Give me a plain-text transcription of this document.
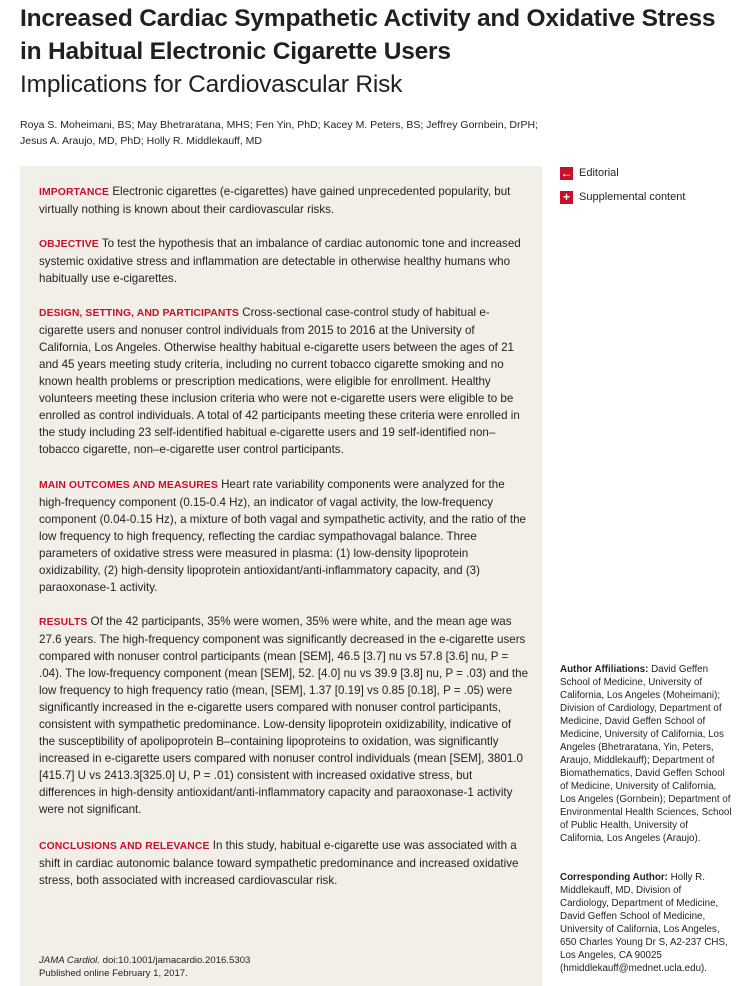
Increased Cardiac Sympathetic Activity and Oxidative Stress in Habitual Electronic Cigarette Users
Implications for Cardiovascular Risk
Roya S. Moheimani, BS; May Bhetraratana, MHS; Fen Yin, PhD; Kacey M. Peters, BS; Jeffrey Gornbein, DrPH;
Jesus A. Araujo, MD, PhD; Holly R. Middlekauff, MD
← Editorial
+ Supplemental content
IMPORTANCE Electronic cigarettes (e-cigarettes) have gained unprecedented popularity, but virtually nothing is known about their cardiovascular risks.
OBJECTIVE To test the hypothesis that an imbalance of cardiac autonomic tone and increased systemic oxidative stress and inflammation are detectable in otherwise healthy humans who habitually use e-cigarettes.
DESIGN, SETTING, AND PARTICIPANTS Cross-sectional case-control study of habitual e-cigarette users and nonuser control individuals from 2015 to 2016 at the University of California, Los Angeles. Otherwise healthy habitual e-cigarette users between the ages of 21 and 45 years meeting study criteria, including no current tobacco cigarette smoking and no known health problems or prescription medications, were eligible for enrollment. Healthy volunteers meeting these inclusion criteria who were not e-cigarette users were eligible to be enrolled as control individuals. A total of 42 participants meeting these criteria were enrolled in the study including 23 self-identified habitual e-cigarette users and 19 self-identified non–tobacco cigarette, non–e-cigarette user control participants.
MAIN OUTCOMES AND MEASURES Heart rate variability components were analyzed for the high-frequency component (0.15-0.4 Hz), an indicator of vagal activity, the low-frequency component (0.04-0.15 Hz), a mixture of both vagal and sympathetic activity, and the ratio of the low frequency to high frequency, reflecting the cardiac sympathovagal balance. Three parameters of oxidative stress were measured in plasma: (1) low-density lipoprotein oxidizability, (2) high-density lipoprotein antioxidant/anti-inflammatory capacity, and (3) paraoxonase-1 activity.
RESULTS Of the 42 participants, 35% were women, 35% were white, and the mean age was 27.6 years. The high-frequency component was significantly decreased in the e-cigarette users compared with nonuser control participants (mean [SEM], 46.5 [3.7] nu vs 57.8 [3.6] nu, P = .04). The low-frequency component (mean [SEM], 52. [4.0] nu vs 39.9 [3.8] nu, P = .03) and the low frequency to high frequency ratio (mean, [SEM], 1.37 [0.19] vs 0.85 [0.18], P = .05) were significantly increased in the e-cigarette users compared with nonuser control participants, consistent with sympathetic predominance. Low-density lipoprotein oxidizability, indicative of the susceptibility of apolipoprotein B–containing lipoproteins to oxidation, was significantly increased in e-cigarette users compared with nonuser control individuals (mean [SEM], 3801.0 [415.7] U vs 2413.3[325.0] U, P = .01) consistent with increased oxidative stress, but differences in high-density antioxidant/anti-inflammatory capacity and paraoxonase-1 activity were not significant.
CONCLUSIONS AND RELEVANCE In this study, habitual e-cigarette use was associated with a shift in cardiac autonomic balance toward sympathetic predominance and increased oxidative stress, both associated with increased cardiovascular risk.
JAMA Cardiol. doi:10.1001/jamacardio.2016.5303
Published online February 1, 2017.
Author Affiliations: David Geffen School of Medicine, University of California, Los Angeles (Moheimani); Division of Cardiology, Department of Medicine, David Geffen School of Medicine, University of California, Los Angeles (Bhetraratana, Yin, Peters, Araujo, Middlekauff); Department of Biomathematics, David Geffen School of Medicine, University of California, Los Angeles (Gornbein); Department of Environmental Health Sciences, School of Public Health, University of California, Los Angeles (Araujo).
Corresponding Author: Holly R. Middlekauff, MD, Division of Cardiology, Department of Medicine, David Geffen School of Medicine, University of California, Los Angeles, 650 Charles Young Dr S, A2-237 CHS, Los Angeles, CA 90025 (hmiddlekauff@mednet.ucla.edu).
